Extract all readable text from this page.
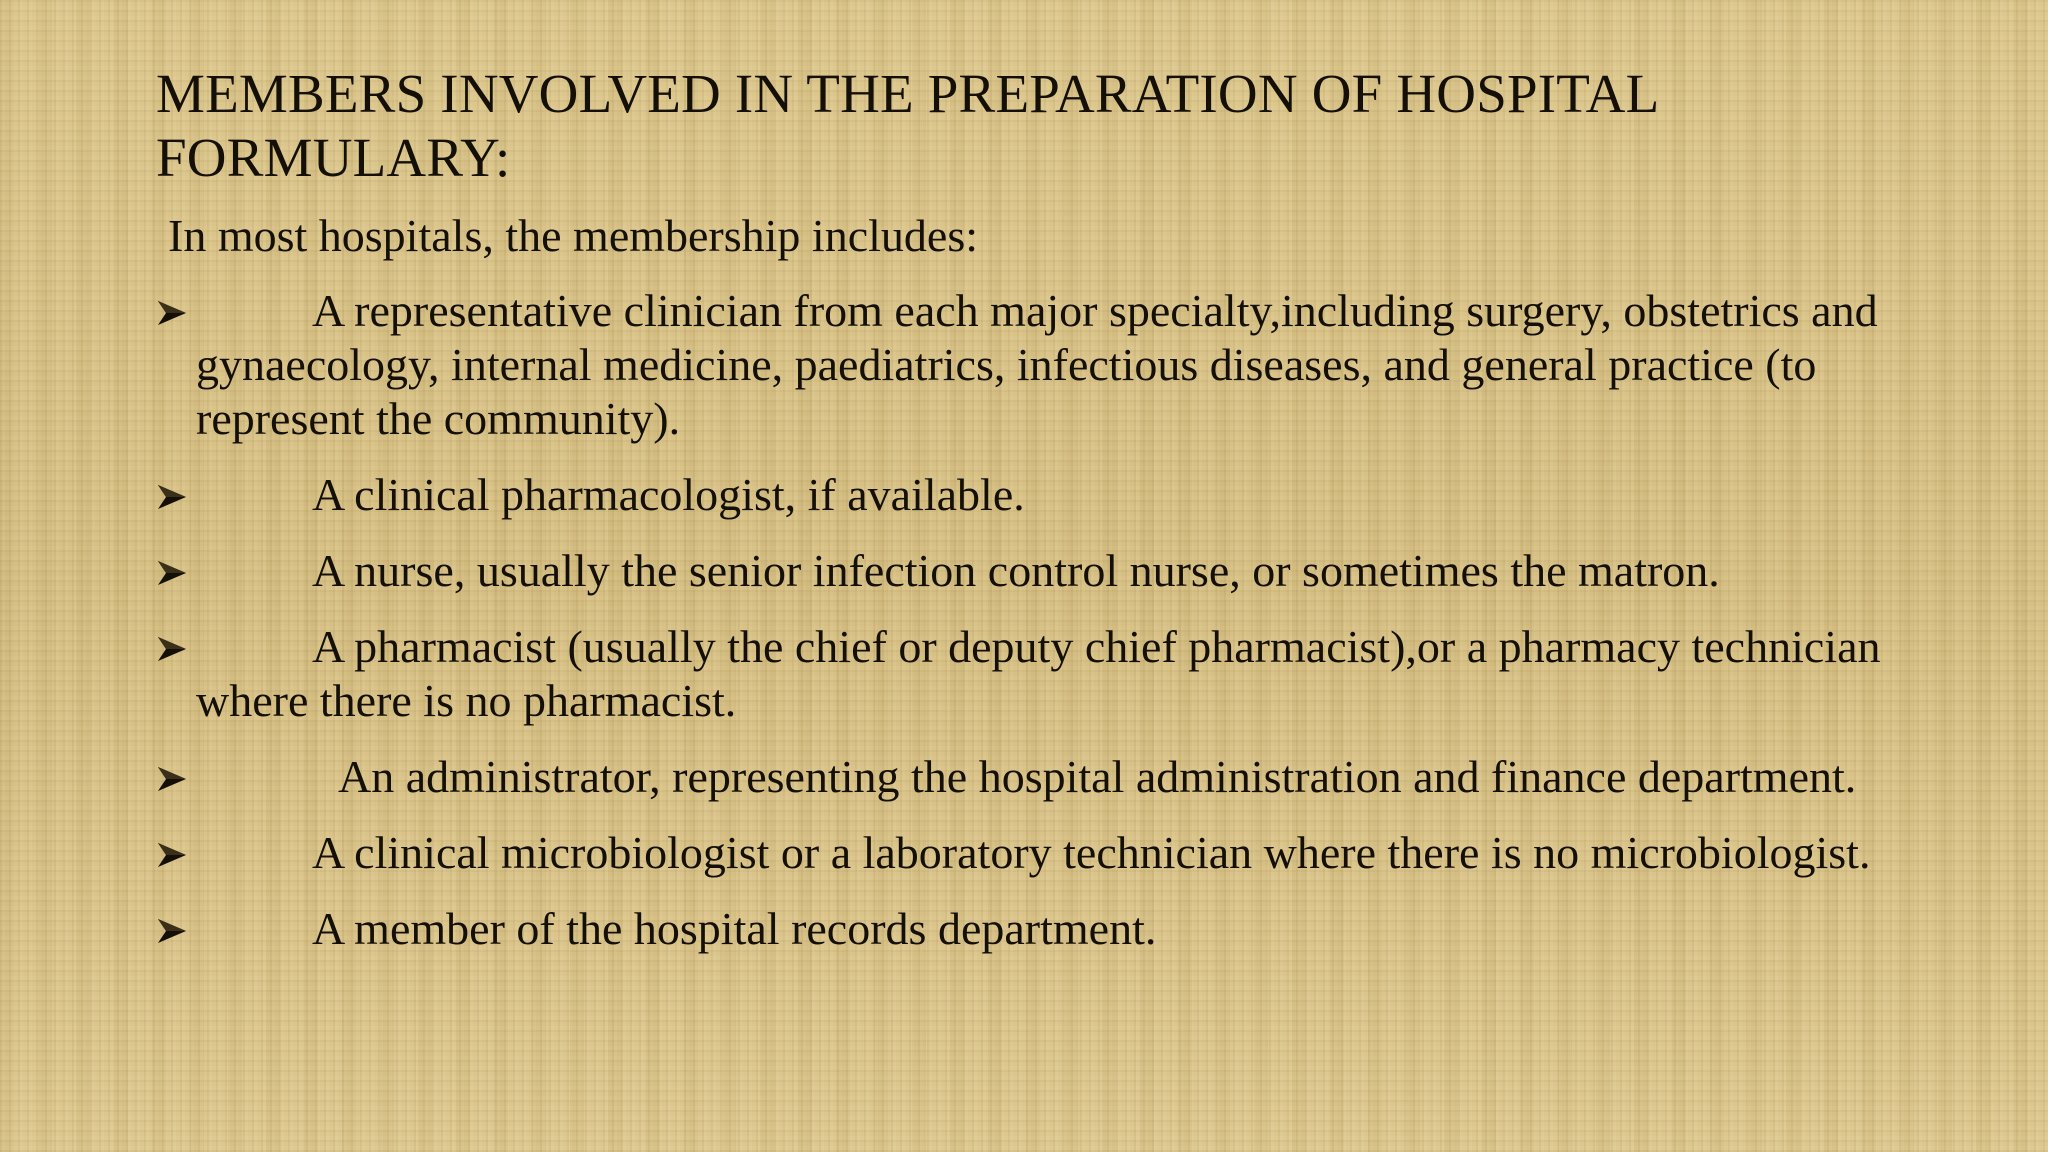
MEMBERS INVOLVED IN THE PREPARATION OF HOSPITAL FORMULARY:

In most hospitals, the membership includes:

A representative clinician from each major specialty,including surgery, obstetrics and gynaecology, internal medicine, paediatrics, infectious diseases, and general practice (to represent the community).
A clinical pharmacologist, if available.
A nurse, usually the senior infection control nurse, or sometimes the matron.
A pharmacist (usually the chief or deputy chief pharmacist),or a pharmacy technician where there is no pharmacist.
An administrator, representing the hospital administration and finance department.
A clinical microbiologist or a laboratory technician where there is no microbiologist.
A member of the hospital records department.
